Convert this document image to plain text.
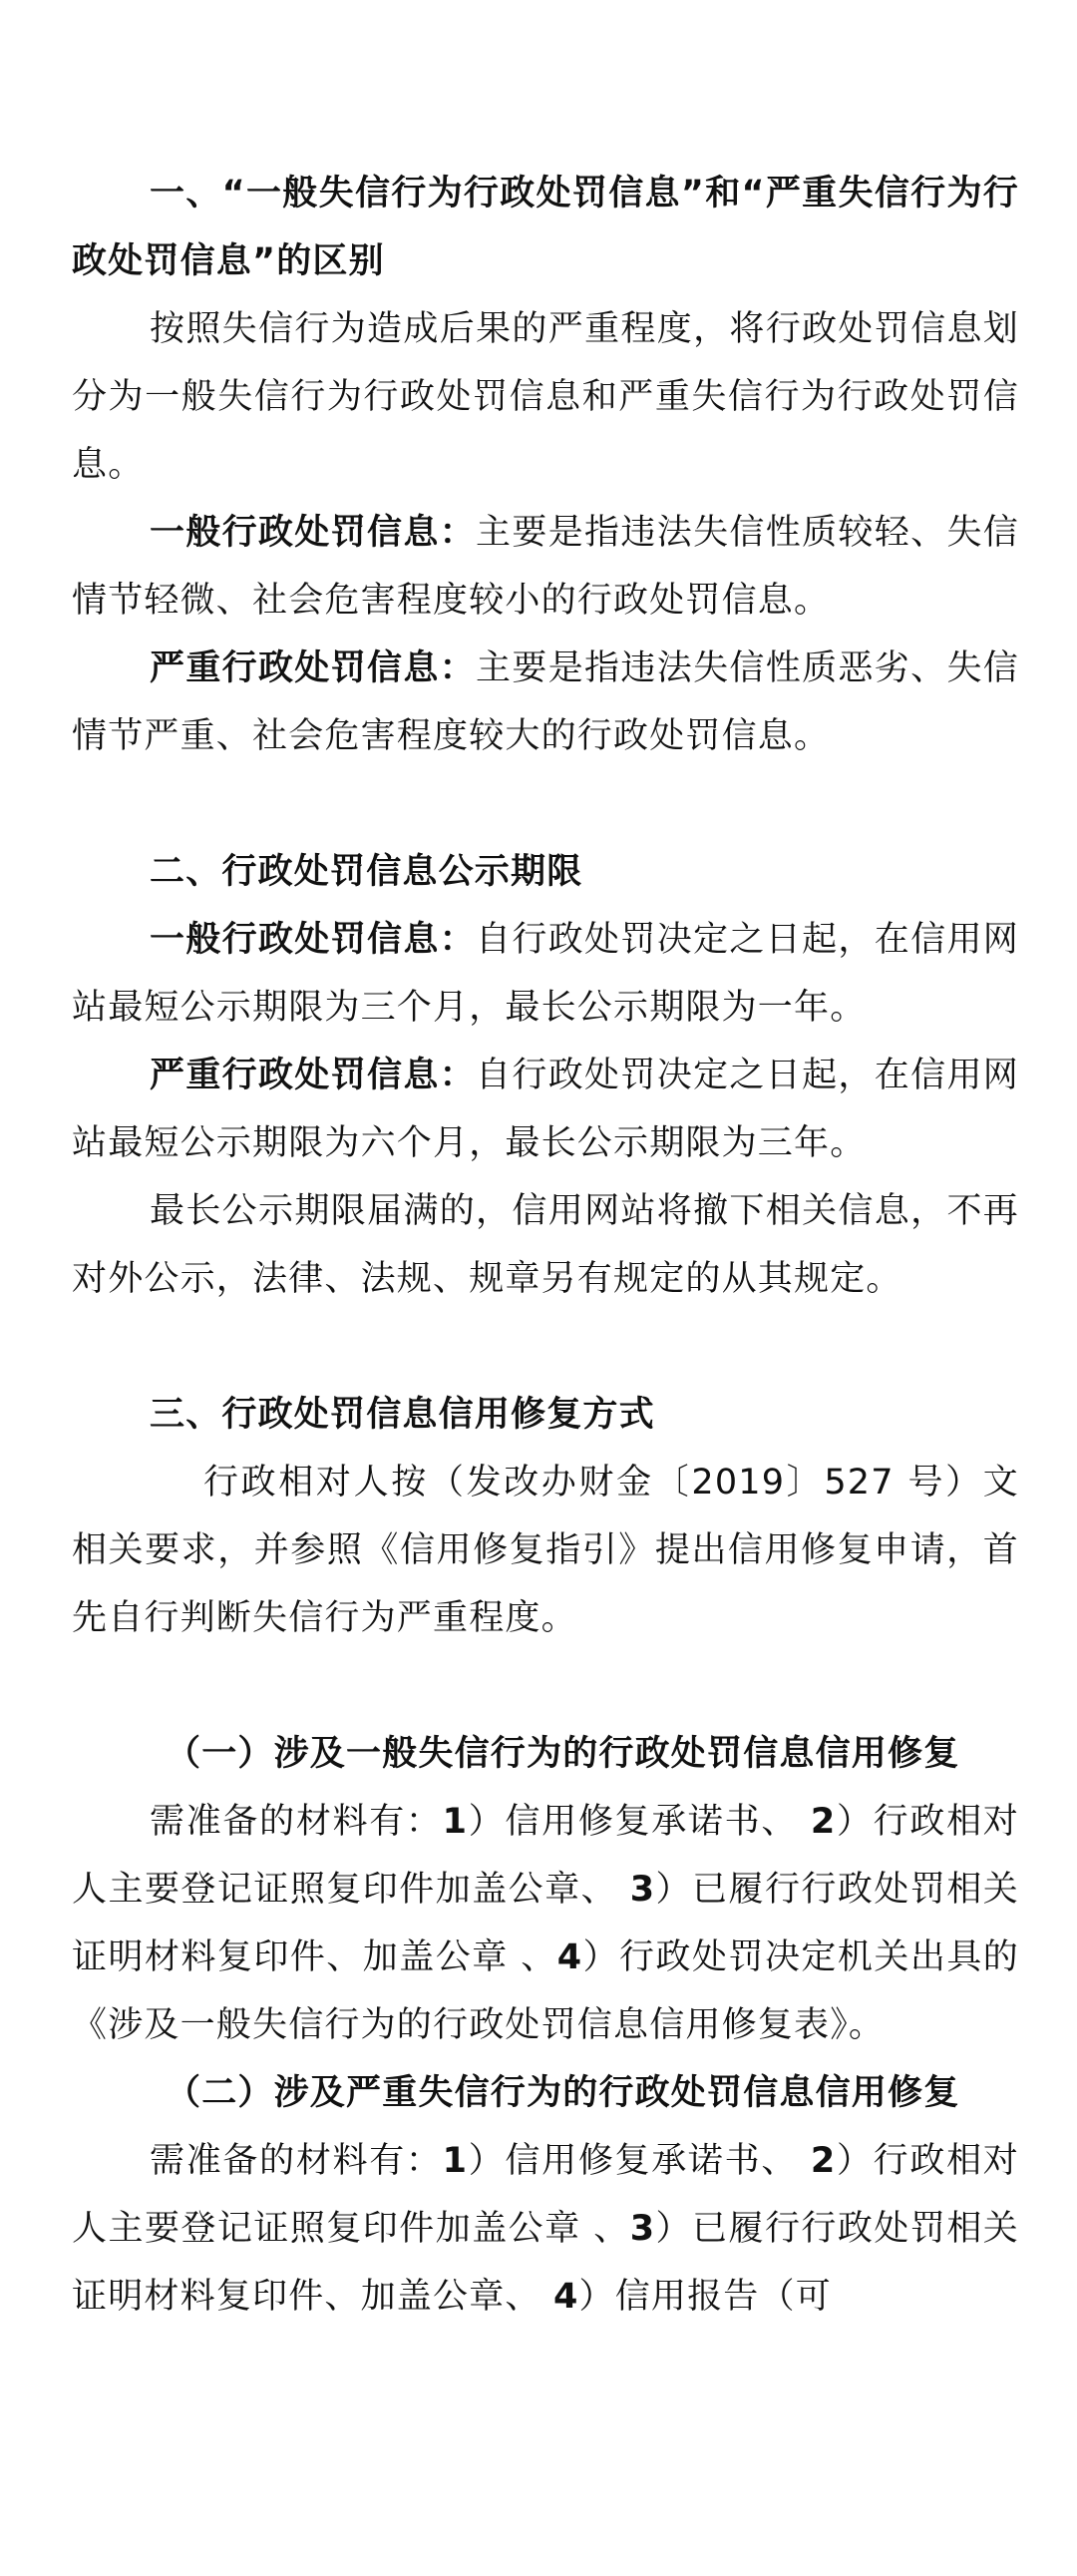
一、“一般失信行为行政处罚信息”和“严重失信行为行政处罚信息”的区别

按照失信行为造成后果的严重程度，将行政处罚信息划分为一般失信行为行政处罚信息和严重失信行为行政处罚信息。

一般行政处罚信息：主要是指违法失信性质较轻、失信情节轻微、社会危害程度较小的行政处罚信息。

严重行政处罚信息：主要是指违法失信性质恶劣、失信情节严重、社会危害程度较大的行政处罚信息。

二、行政处罚信息公示期限

一般行政处罚信息：自行政处罚决定之日起，在信用网站最短公示期限为三个月，最长公示期限为一年。

严重行政处罚信息：自行政处罚决定之日起，在信用网站最短公示期限为六个月，最长公示期限为三年。

最长公示期限届满的，信用网站将撤下相关信息，不再对外公示，法律、法规、规章另有规定的从其规定。

三、行政处罚信息信用修复方式

行政相对人按（发改办财金〔2019〕527 号）文相关要求，并参照《信用修复指引》提出信用修复申请，首先自行判断失信行为严重程度。

（一）涉及一般失信行为的行政处罚信息信用修复

需准备的材料有：1）信用修复承诺书、 2）行政相对人主要登记证照复印件加盖公章、 3）已履行行政处罚相关证明材料复印件、加盖公章 、4）行政处罚决定机关出具的《涉及一般失信行为的行政处罚信息信用修复表》。

（二）涉及严重失信行为的行政处罚信息信用修复

需准备的材料有：1）信用修复承诺书、 2）行政相对人主要登记证照复印件加盖公章 、3）已履行行政处罚相关证明材料复印件、加盖公章、 4）信用报告（可
